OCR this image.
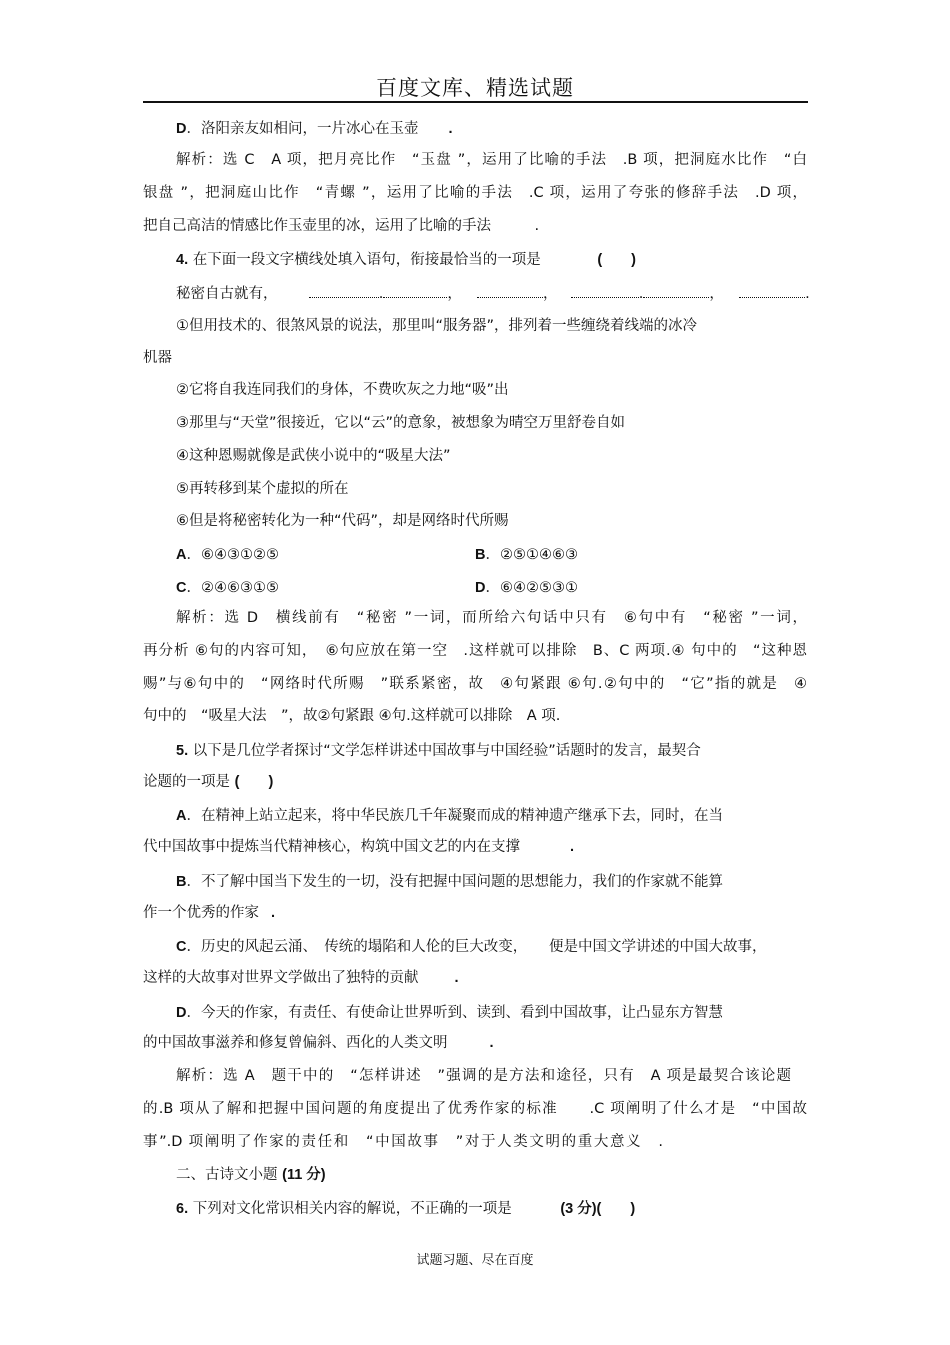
百度文库、精选试题
D．洛阳亲友如相问，一片冰心在玉壶 .
解析：选 C　A 项，把月亮比作　“玉盘 ”，运用了比喻的手法　.B 项，把洞庭水比作　“白
银盘 ”，把洞庭山比作　“青螺 ”，运用了比喻的手法　.C 项，运用了夸张的修辞手法　.D 项，
把自己高洁的情感比作玉壶里的冰，运用了比喻的手法　　　.
4. 在下面一段文字横线处填入语句，衔接最恰当的一项是	(　　)
秘密自古就有，	.	，	，	.	，	.
①但用技术的、很煞风景的说法，那里叫“服务器”，排列着一些缠绕着线端的冰冷
机器
②它将自我连同我们的身体，不费吹灰之力地“吸”出
③那里与“天堂”很接近，它以“云”的意象，被想象为晴空万里舒卷自如
④这种恩赐就像是武侠小说中的“吸星大法”
⑤再转移到某个虚拟的所在
⑥但是将秘密转化为一种“代码”，却是网络时代所赐
A．⑥④③①②⑤	B．②⑤①④⑥③
C．②④⑥③①⑤	D．⑥④②⑤③①
解析：选 D　横线前有　“秘密 ”一词，而所给六句话中只有　⑥句中有　“秘密 ”一词，
再分析 ⑥句的内容可知，　⑥句应放在第一空　.这样就可以排除　B、C 两项.④ 句中的　“这种恩
赐”与⑥句中的　“网络时代所赐　”联系紧密，故　④句紧跟 ⑥句.②句中的　“它”指的就是　④
句中的　“吸星大法　”，故②句紧跟 ④句.这样就可以排除　A 项.
5. 以下是几位学者探讨“文学怎样讲述中国故事与中国经验”话题时的发言，最契合
论题的一项是 (　　)
A．在精神上站立起来，将中华民族几千年凝聚而成的精神遗产继承下去，同时，在当
代中国故事中提炼当代精神核心，构筑中国文艺的内在支撑	.
B．不了解中国当下发生的一切，没有把握中国问题的思想能力，我们的作家就不能算
作一个优秀的作家 .
C．历史的风起云涌、　传统的塌陷和人伦的巨大改变，　　便是中国文学讲述的中国大故事，
这样的大故事对世界文学做出了独特的贡献 .
D．今天的作家，有责任、有使命让世界听到、读到、看到中国故事，让凸显东方智慧
的中国故事滋养和修复曾偏斜、西化的人类文明	.
解析：选 A　题干中的　“怎样讲述　”强调的是方法和途径，只有　A 项是最契合该论题
的.B 项从了解和把握中国问题的角度提出了优秀作家的标准　　.C 项阐明了什么才是　“中国故
事”.D 项阐明了作家的责任和　“中国故事　”对于人类文明的重大意义　.
二、古诗文小题 (11 分)
6. 下列对文化常识相关内容的解说，不正确的一项是	(3 分)(　　)
试题习题、尽在百度
